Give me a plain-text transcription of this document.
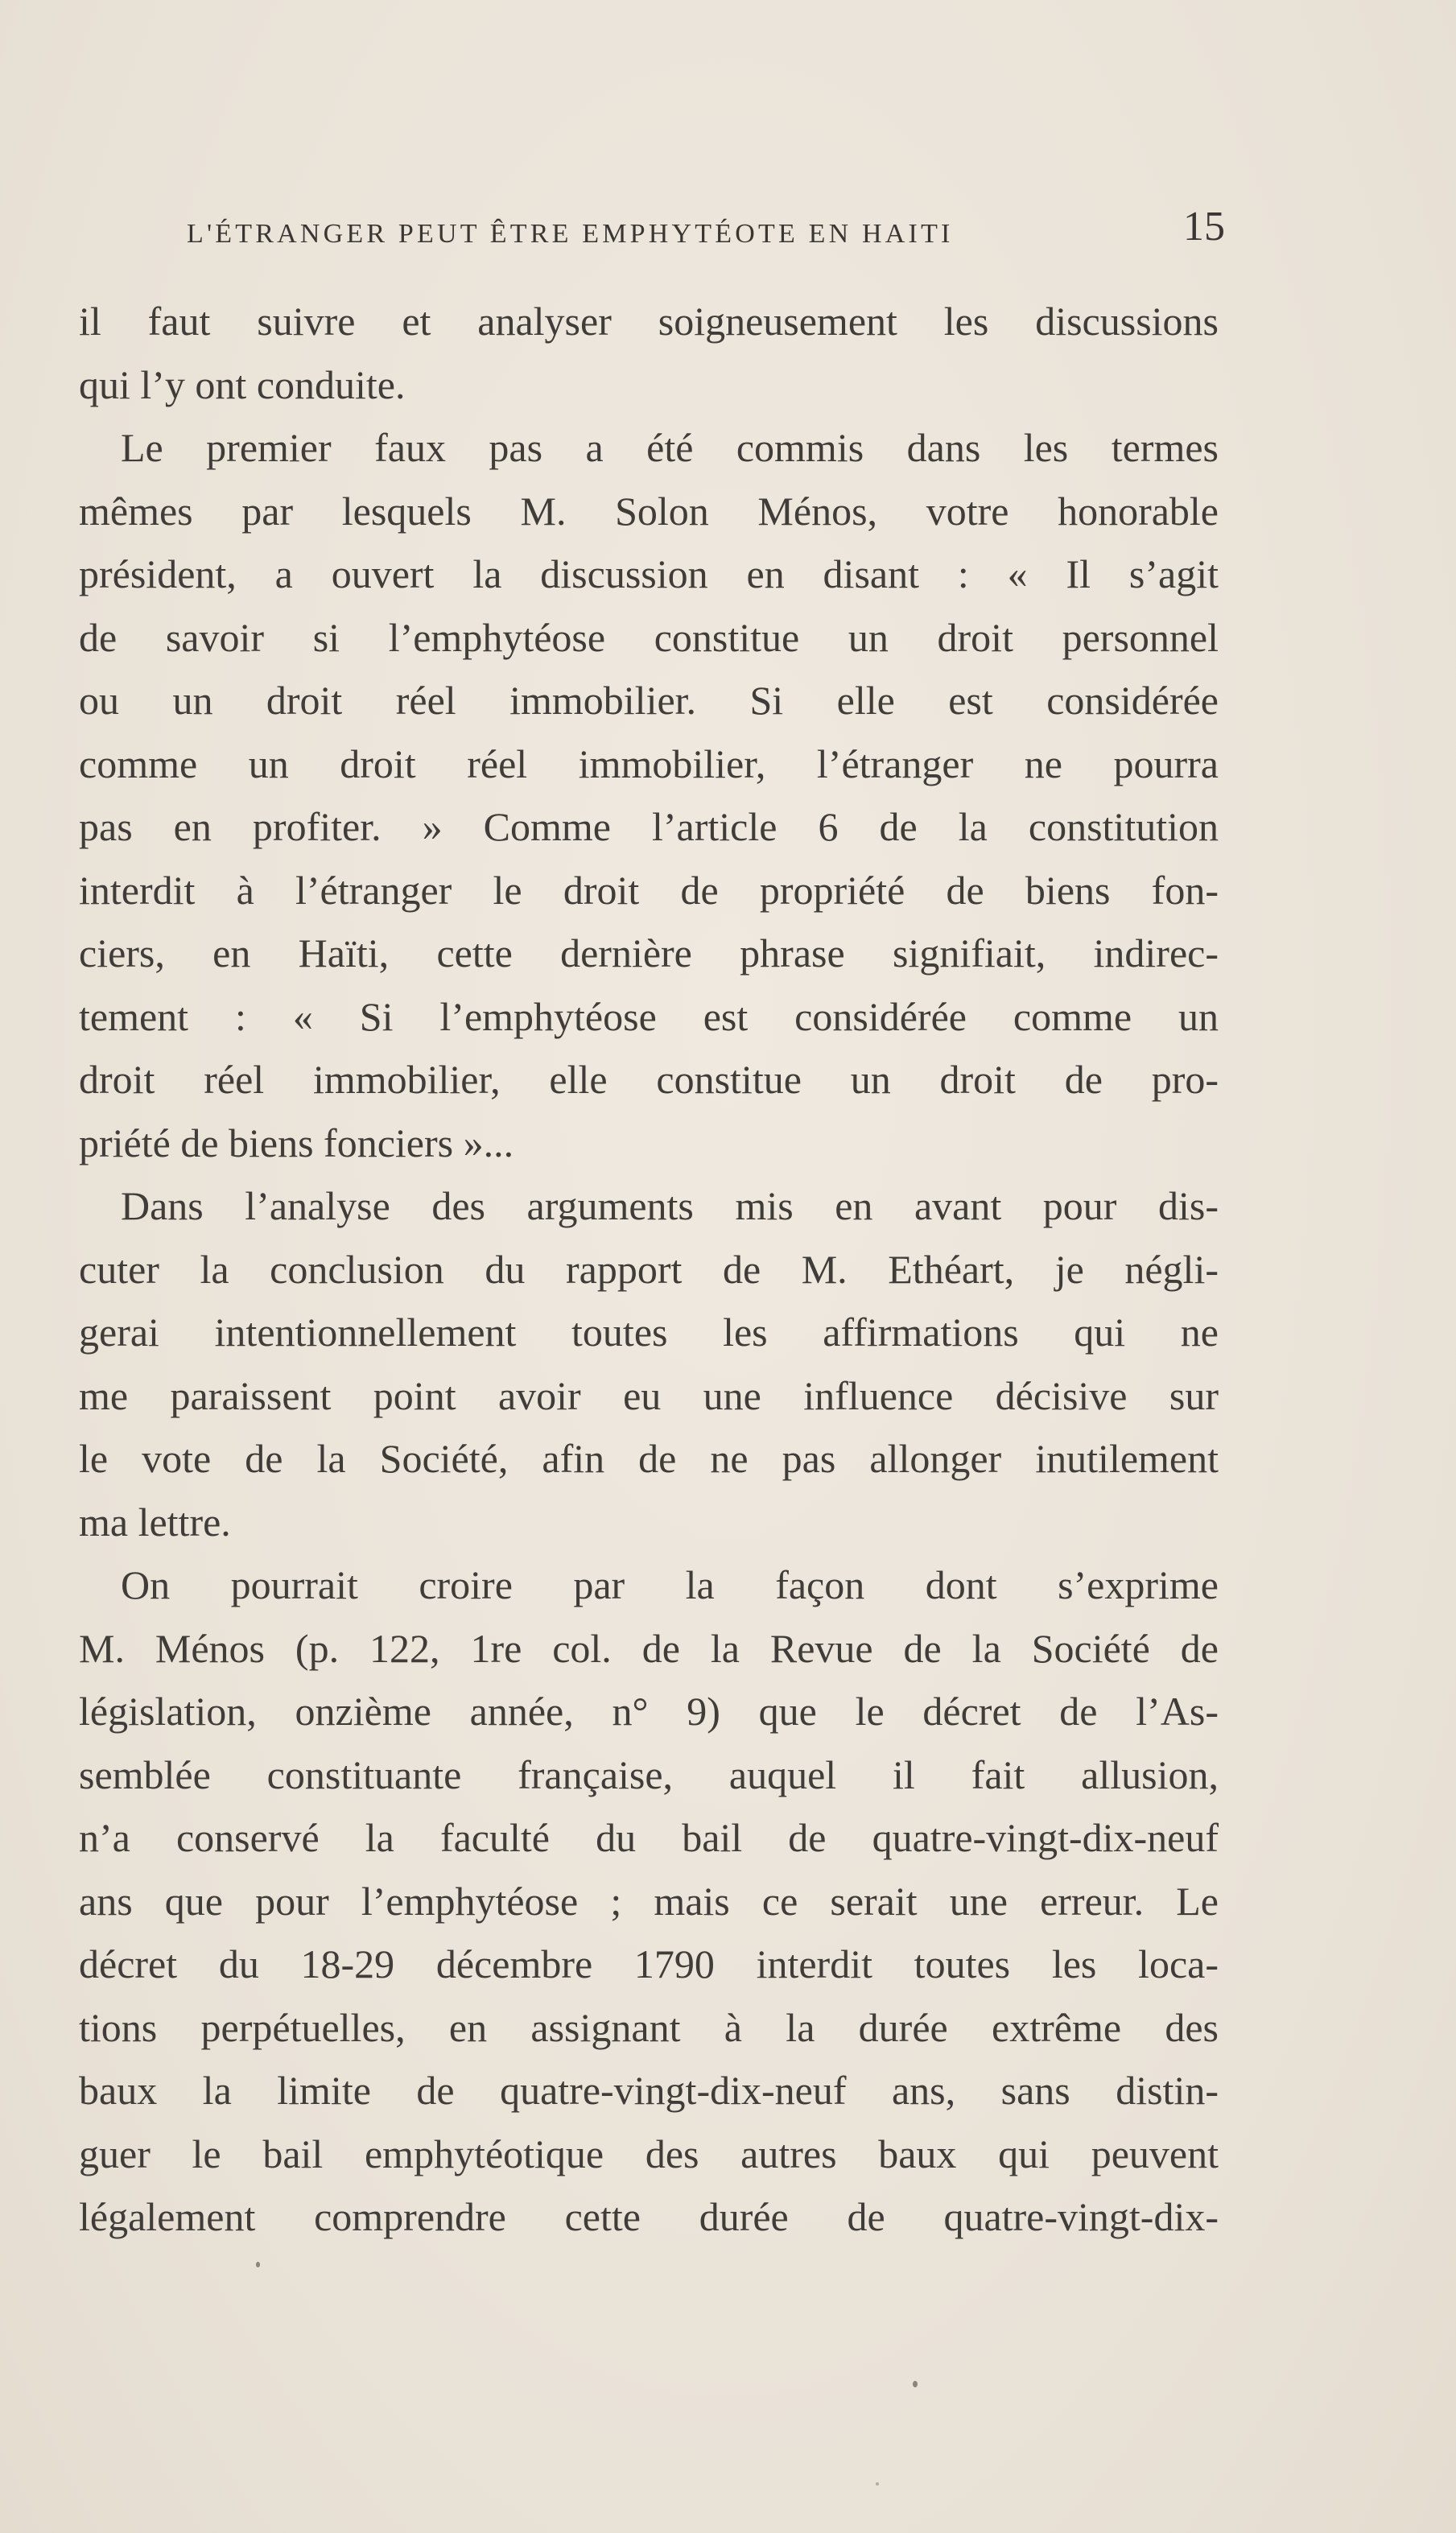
L'ÉTRANGER PEUT ÊTRE EMPHYTÉOTE EN HAITI	15
il faut suivre et analyser soigneusement les discussions
qui l’y ont conduite.
Le premier faux pas a été commis dans les termes
mêmes par lesquels M. Solon Ménos, votre honorable
président, a ouvert la discussion en disant : « Il s’agit
de savoir si l’emphytéose constitue un droit personnel
ou un droit réel immobilier. Si elle est considérée
comme un droit réel immobilier, l’étranger ne pourra
pas en profiter. » Comme l’article 6 de la constitution
interdit à l’étranger le droit de propriété de biens fon-
ciers, en Haïti, cette dernière phrase signifiait, indirec-
tement : « Si l’emphytéose est considérée comme un
droit réel immobilier, elle constitue un droit de pro-
priété de biens fonciers »...
Dans l’analyse des arguments mis en avant pour dis-
cuter la conclusion du rapport de M. Ethéart, je négli-
gerai intentionnellement toutes les affirmations qui ne
me paraissent point avoir eu une influence décisive sur
le vote de la Société, afin de ne pas allonger inutilement
ma lettre.
On pourrait croire par la façon dont s’exprime
M. Ménos (p. 122, 1re col. de la Revue de la Société de
législation, onzième année, n° 9) que le décret de l’As-
semblée constituante française, auquel il fait allusion,
n’a conservé la faculté du bail de quatre-vingt-dix-neuf
ans que pour l’emphytéose ; mais ce serait une erreur. Le
décret du 18-29 décembre 1790 interdit toutes les loca-
tions perpétuelles, en assignant à la durée extrême des
baux la limite de quatre-vingt-dix-neuf ans, sans distin-
guer le bail emphytéotique des autres baux qui peuvent
légalement comprendre cette durée de quatre-vingt-dix-
